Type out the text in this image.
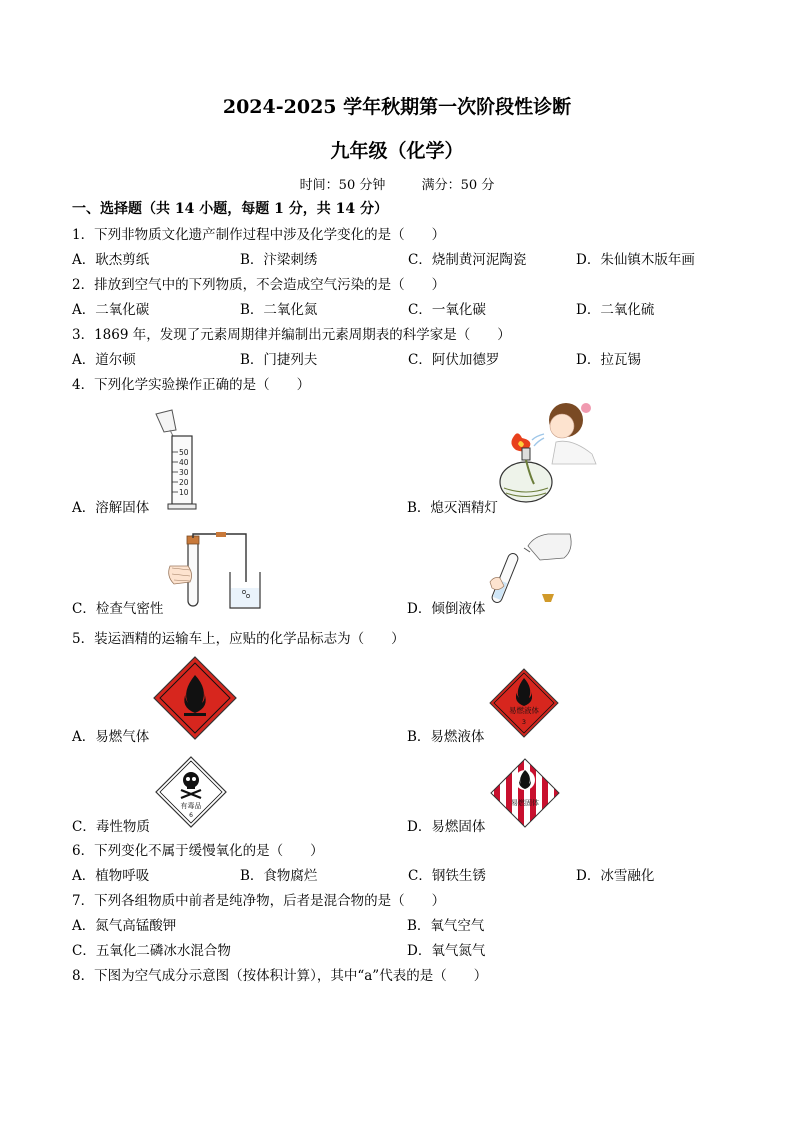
2024-2025 学年秋期第一次阶段性诊断
九年级（化学）
时间：50 分钟	满分：50 分
一、选择题（共 14 小题，每题 1 分，共 14 分）
1．下列非物质文化遗产制作过程中涉及化学变化的是（　　）
A．耿杰剪纸	B．汴梁刺绣	C．烧制黄河泥陶瓷	D．朱仙镇木版年画
2．排放到空气中的下列物质，不会造成空气污染的是（　　）
A．二氧化碳	B．二氧化氮	C．一氧化碳	D．二氧化硫
3．1869 年，发现了元素周期律并编制出元素周期表的科学家是（　　）
A．道尔顿	B．门捷列夫	C．阿伏加德罗	D．拉瓦锡
4．下列化学实验操作正确的是（　　）
50
40
30
20
10
A．溶解固体	B．熄灭酒精灯
C．检查气密性	D．倾倒液体
5．装运酒精的运输车上，应贴的化学品标志为（　　）
A．易燃气体
易燃液体
3
B．易燃液体
有毒品
6
C．毒性物质
易燃固体
D．易燃固体
6．下列变化不属于缓慢氧化的是（　　）
A．植物呼吸	B．食物腐烂	C．钢铁生锈	D．冰雪融化
7．下列各组物质中前者是纯净物，后者是混合物的是（　　）
A．氮气高锰酸钾	B．氧气空气
C．五氧化二磷冰水混合物	D．氧气氮气
8．下图为空气成分示意图（按体积计算），其中“a”代表的是（　　）
